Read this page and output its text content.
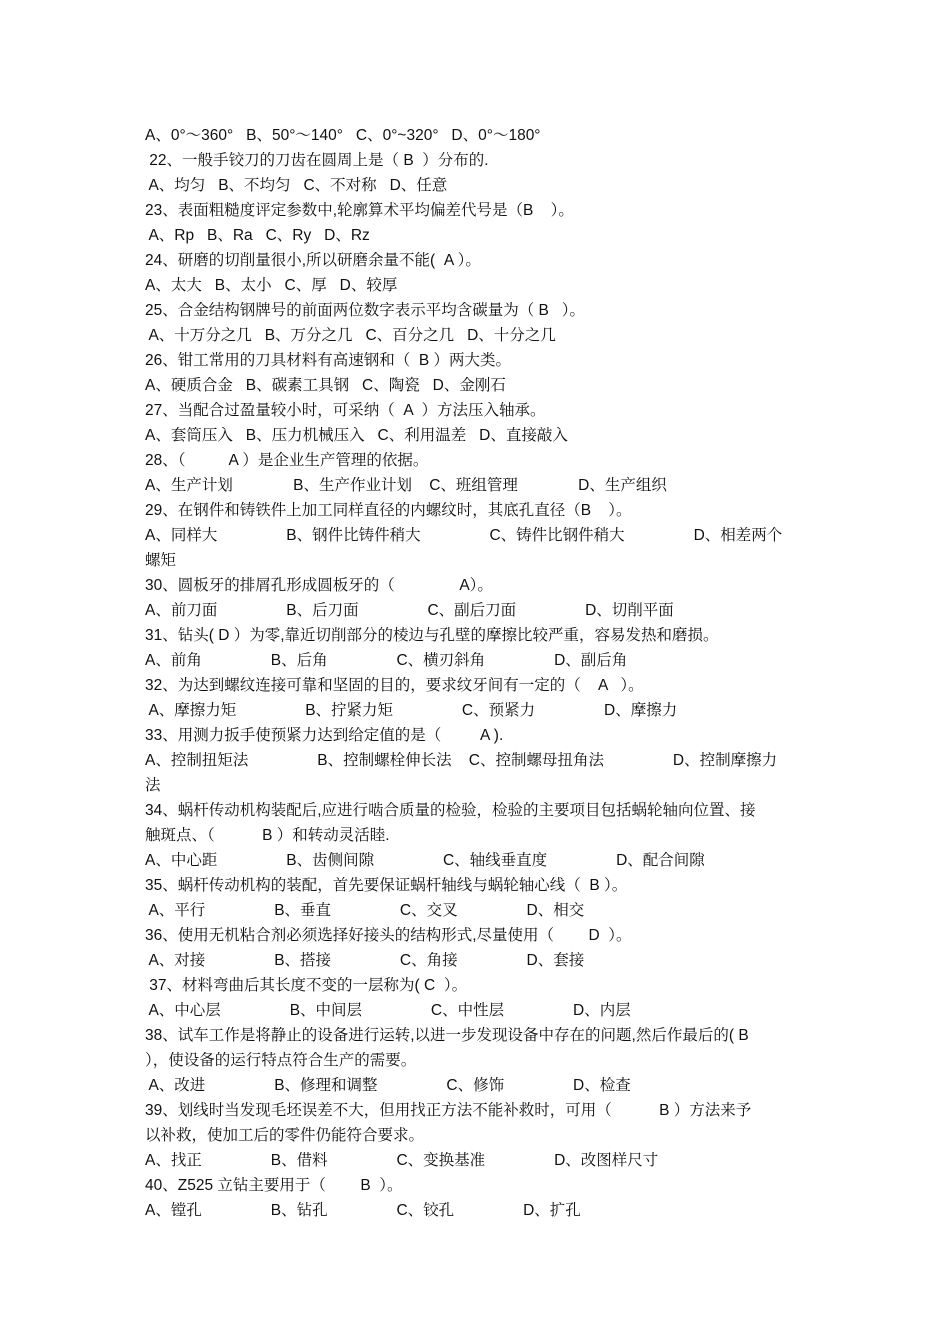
A、0°～360°   B、50°～140°   C、0°~320°   D、0°～180°
22、一般手铰刀的刀齿在圆周上是（ B  ）分布的.
A、均匀   B、不均匀   C、不对称   D、任意
23、表面粗糙度评定参数中,轮廓算术平均偏差代号是（B    ）。
A、Rp   B、Ra   C、Ry   D、Rz
24、研磨的切削量很小,所以研磨余量不能(  A ）。
A、太大   B、太小   C、厚   D、较厚
25、合金结构钢牌号的前面两位数字表示平均含碳量为（ B   ）。
A、十万分之几   B、万分之几   C、百分之几   D、十分之几
26、钳工常用的刀具材料有高速钢和（  B ）两大类。
A、硬质合金   B、碳素工具钢   C、陶瓷   D、金刚石
27、当配合过盈量较小时，可采纳（  A  ）方法压入轴承。
A、套筒压入   B、压力机械压入   C、利用温差   D、直接敲入
28、（          A ）是企业生产管理的依据。
A、生产计划              B、生产作业计划    C、班组管理              D、生产组织
29、在钢件和铸铁件上加工同样直径的内螺纹时，其底孔直径（B    ）。
A、同样大                B、钢件比铸件稍大                C、铸件比钢件稍大                D、相差两个
螺矩
30、圆板牙的排屑孔形成圆板牙的（               A）。
A、前刀面                B、后刀面                C、副后刀面                D、切削平面
31、钻头( D ）为零,靠近切削部分的棱边与孔壁的摩擦比较严重，容易发热和磨损。
A、前角                B、后角                C、横刃斜角                D、副后角
32、为达到螺纹连接可靠和坚固的目的，要求纹牙间有一定的（    A   ）。
A、摩擦力矩                B、拧紧力矩                C、预紧力                D、摩擦力
33、用测力扳手使预紧力达到给定值的是（         A ).
A、控制扭矩法                B、控制螺栓伸长法    C、控制螺母扭角法                D、控制摩擦力
法
34、蜗杆传动机构装配后,应进行啮合质量的检验，检验的主要项目包括蜗轮轴向位置、接
触斑点、（           B ）和转动灵活睦.
A、中心距                B、齿侧间隙                C、轴线垂直度                D、配合间隙
35、蜗杆传动机构的装配，首先要保证蜗杆轴线与蜗轮轴心线（  B ）。
A、平行                B、垂直                C、交叉                D、相交
36、使用无机粘合剂必须选择好接头的结构形式,尽量使用（        D  ）。
A、对接                B、搭接                C、角接                D、套接
37、材料弯曲后其长度不变的一层称为( C  ）。
A、中心层                B、中间层                C、中性层                D、内层
38、试车工作是将静止的设备进行运转,以进一步发现设备中存在的问题,然后作最后的( B
），使设备的运行特点符合生产的需要。
A、改进                B、修理和调整                C、修饰                D、检查
39、划线时当发现毛坯误差不大，但用找正方法不能补救时，可用（           B ）方法来予
以补救，使加工后的零件仍能符合要求。
A、找正                B、借料                C、变换基准                D、改图样尺寸
40、Z525 立钻主要用于（        B  ）。
A、镗孔                B、钻孔                C、铰孔                D、扩孔
